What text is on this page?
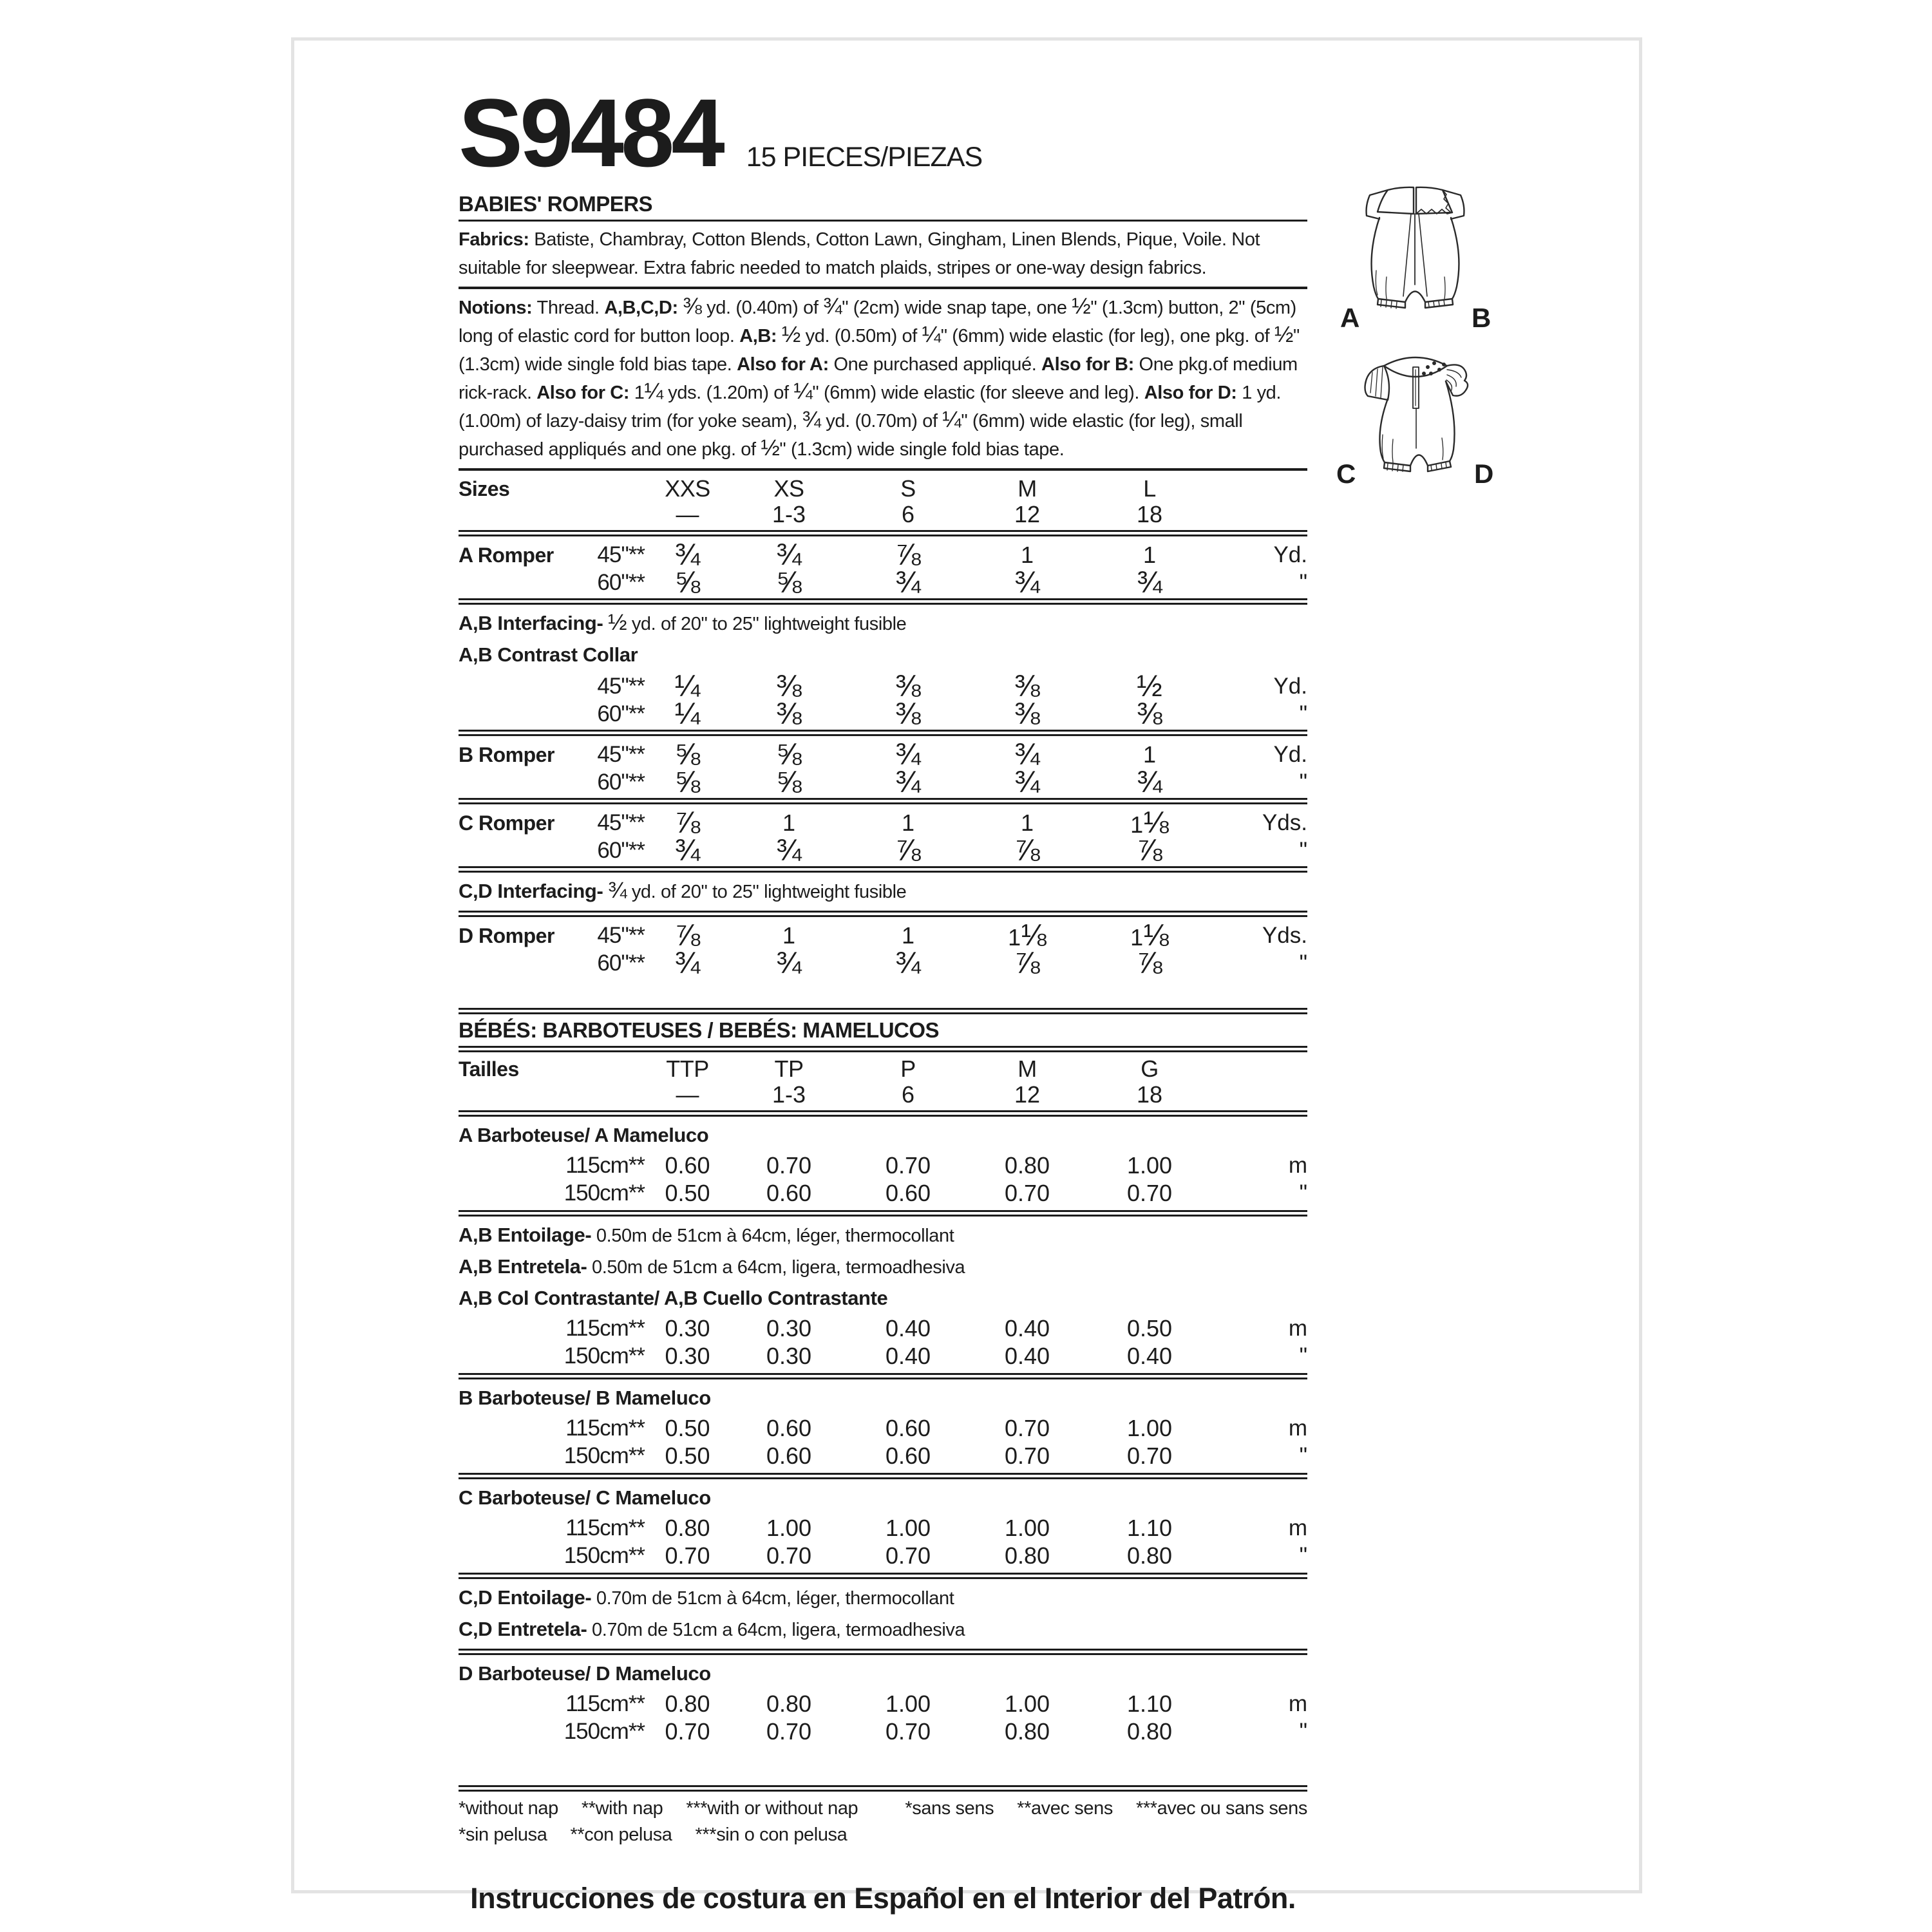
S9484 15 PIECES/PIEZAS
BABIES' ROMPERS

Fabrics: Batiste, Chambray, Cotton Blends, Cotton Lawn, Gingham, Linen Blends, Pique, Voile. Not suitable for sleepwear. Extra fabric needed to match plaids, stripes or one-way design fabrics.

Notions: Thread. A,B,C,D: ⅜ yd. (0.40m) of ¾" (2cm) wide snap tape, one ½" (1.3cm) button, 2" (5cm) long of elastic cord for button loop. A,B: ½ yd. (0.50m) of ¼" (6mm) wide elastic (for leg), one pkg. of ½" (1.3cm) wide single fold bias tape. Also for A: One purchased appliqué. Also for B: One pkg.of medium rick-rack. Also for C: 1¼ yds. (1.20m) of ¼" (6mm) wide elastic (for sleeve and leg). Also for D: 1 yd. (1.00m) of lazy-daisy trim (for yoke seam), ¾ yd. (0.70m) of ¼" (6mm) wide elastic (for leg), small purchased appliqués and one pkg. of ½" (1.3cm) wide single fold bias tape.

Sizes	XXS	XS	S	M	L
—	1-3	6	12	18
A Romper	45"** ¾	¾	⅞	1	1	Yd.
60"** ⅝	⅝	¾	¾	¾	"
A,B Interfacing- ½ yd. of 20" to 25" lightweight fusible
A,B Contrast Collar
45"** ¼	⅜	⅜	⅜	½	Yd.
60"** ¼	⅜	⅜	⅜	⅜	"
B Romper	45"** ⅝	⅝	¾	¾	1	Yd.
60"** ⅝	⅝	¾	¾	¾	"
C Romper	45"** ⅞	1	1	1	1⅛	Yds.
60"** ¾	¾	⅞	⅞	⅞	"
C,D Interfacing- ¾ yd. of 20" to 25" lightweight fusible
D Romper	45"** ⅞	1	1	1⅛	1⅛	Yds.
60"** ¾	¾	¾	⅞	⅞	"
BÉBÉS: BARBOTEUSES / BEBÉS: MAMELUCOS
Tailles	TTP	TP	P	M	G
—	1-3	6	12	18
A Barboteuse/ A Mameluco
115cm** 0.60	0.70	0.70	0.80	1.00	m
150cm** 0.50	0.60	0.60	0.70	0.70	"
A,B Entoilage- 0.50m de 51cm à 64cm, léger, thermocollant
A,B Entretela- 0.50m de 51cm a 64cm, ligera, termoadhesiva
A,B Col Contrastante/ A,B Cuello Contrastante
115cm** 0.30	0.30	0.40	0.40	0.50	m
150cm** 0.30	0.30	0.40	0.40	0.40	"
B Barboteuse/ B Mameluco
115cm** 0.50	0.60	0.60	0.70	1.00	m
150cm** 0.50	0.60	0.60	0.70	0.70	"
C Barboteuse/ C Mameluco
115cm** 0.80	1.00	1.00	1.00	1.10	m
150cm** 0.70	0.70	0.70	0.80	0.80	"
C,D Entoilage- 0.70m de 51cm à 64cm, léger, thermocollant
C,D Entretela- 0.70m de 51cm a 64cm, ligera, termoadhesiva
D Barboteuse/ D Mameluco
115cm** 0.80	0.80	1.00	1.00	1.10	m
150cm** 0.70	0.70	0.70	0.80	0.80	"
*without nap **with nap ***with or without nap	*sans sens **avec sens ***avec ou sans sens
*sin pelusa **con pelusa ***sin o con pelusa
Instrucciones de costura en Español en el Interior del Patrón.
A	B
C	D
